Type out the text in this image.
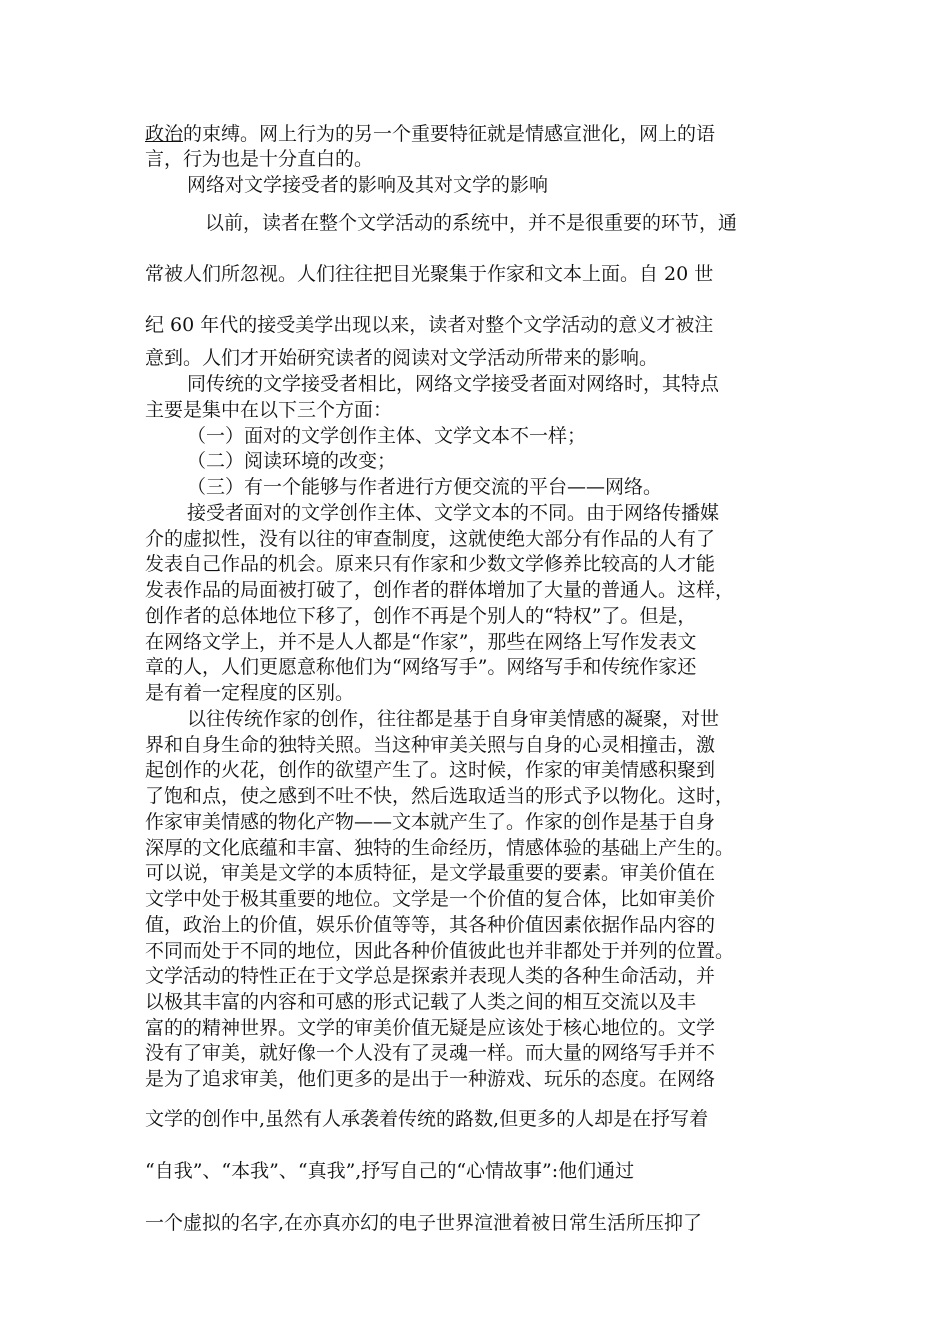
政治的束缚。网上行为的另一个重要特征就是情感宣泄化，网上的语
言，行为也是十分直白的。
网络对文学接受者的影响及其对文学的影响
以前，读者在整个文学活动的系统中，并不是很重要的环节，通
常被人们所忽视。人们往往把目光聚集于作家和文本上面。自 20 世
纪 60 年代的接受美学出现以来，读者对整个文学活动的意义才被注
意到。人们才开始研究读者的阅读对文学活动所带来的影响。
同传统的文学接受者相比，网络文学接受者面对网络时，其特点
主要是集中在以下三个方面：
（一）面对的文学创作主体、文学文本不一样；
（二）阅读环境的改变；
（三）有一个能够与作者进行方便交流的平台——网络。
接受者面对的文学创作主体、文学文本的不同。由于网络传播媒
介的虚拟性，没有以往的审查制度，这就使绝大部分有作品的人有了
发表自己作品的机会。原来只有作家和少数文学修养比较高的人才能
发表作品的局面被打破了，创作者的群体增加了大量的普通人。这样，
创作者的总体地位下移了，创作不再是个别人的“特权”了。但是，
在网络文学上，并不是人人都是“作家”，那些在网络上写作发表文
章的人，人们更愿意称他们为“网络写手”。网络写手和传统作家还
是有着一定程度的区别。
以往传统作家的创作，往往都是基于自身审美情感的凝聚，对世
界和自身生命的独特关照。当这种审美关照与自身的心灵相撞击，激
起创作的火花，创作的欲望产生了。这时候，作家的审美情感积聚到
了饱和点，使之感到不吐不快，然后选取适当的形式予以物化。这时，
作家审美情感的物化产物——文本就产生了。作家的创作是基于自身
深厚的文化底蕴和丰富、独特的生命经历，情感体验的基础上产生的。
可以说，审美是文学的本质特征，是文学最重要的要素。审美价值在
文学中处于极其重要的地位。文学是一个价值的复合体，比如审美价
值，政治上的价值，娱乐价值等等，其各种价值因素依据作品内容的
不同而处于不同的地位，因此各种价值彼此也并非都处于并列的位置。
文学活动的特性正在于文学总是探索并表现人类的各种生命活动，并
以极其丰富的内容和可感的形式记载了人类之间的相互交流以及丰
富的的精神世界。文学的审美价值无疑是应该处于核心地位的。文学
没有了审美，就好像一个人没有了灵魂一样。而大量的网络写手并不
是为了追求审美，他们更多的是出于一种游戏、玩乐的态度。在网络
文学的创作中,虽然有人承袭着传统的路数,但更多的人却是在抒写着
“自我”、“本我”、“真我”,抒写自己的“心情故事”:他们通过
一个虚拟的名字,在亦真亦幻的电子世界渲泄着被日常生活所压抑了
